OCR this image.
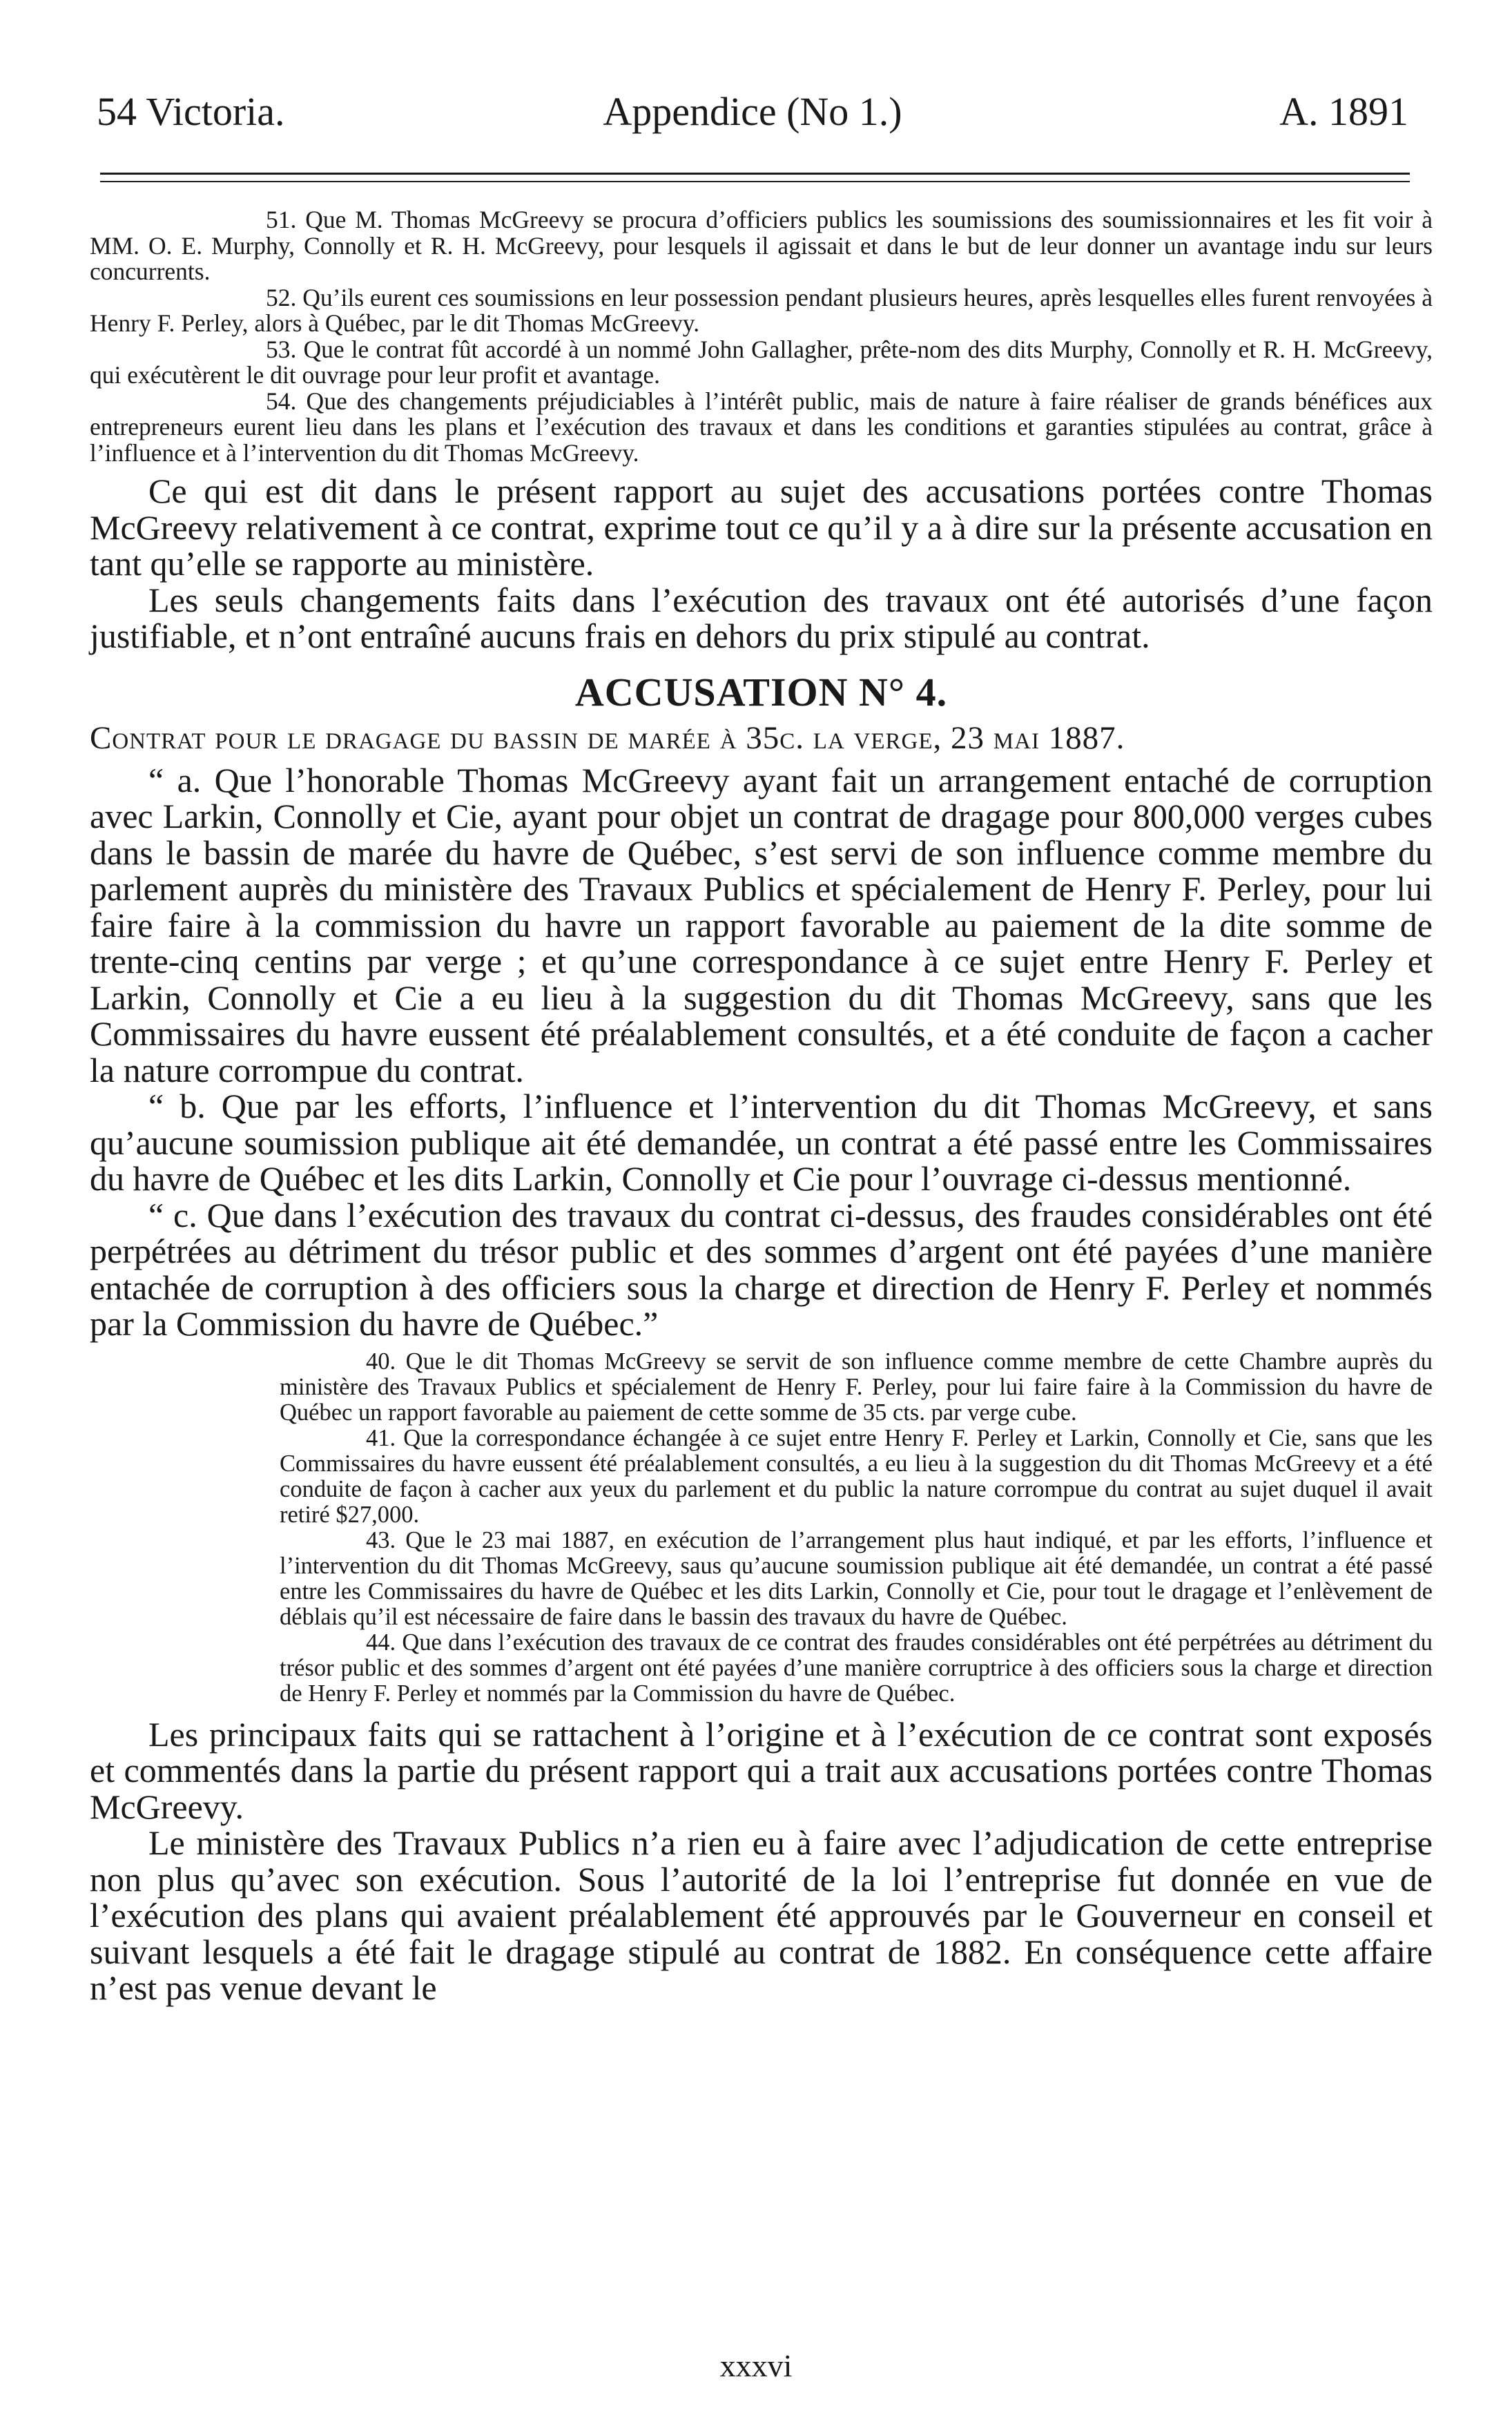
54 Victoria.	Appendice (No 1.)	A. 1891

51. Que M. Thomas McGreevy se procura d’officiers publics les soumissions des soumissionnaires et les fit voir à MM. O. E. Murphy, Connolly et R. H. McGreevy, pour lesquels il agissait et dans le but de leur donner un avantage indu sur leurs concurrents.

52. Qu’ils eurent ces soumissions en leur possession pendant plusieurs heures, après lesquelles elles furent renvoyées à Henry F. Perley, alors à Québec, par le dit Thomas McGreevy.

53. Que le contrat fût accordé à un nommé John Gallagher, prête-nom des dits Murphy, Connolly et R. H. McGreevy, qui exécutèrent le dit ouvrage pour leur profit et avantage.

54. Que des changements préjudiciables à l’intérêt public, mais de nature à faire réaliser de grands bénéfices aux entrepreneurs eurent lieu dans les plans et l’exécution des travaux et dans les conditions et garanties stipulées au contrat, grâce à l’influence et à l’intervention du dit Thomas McGreevy.

Ce qui est dit dans le présent rapport au sujet des accusations portées contre Thomas McGreevy relativement à ce contrat, exprime tout ce qu’il y a à dire sur la présente accusation en tant qu’elle se rapporte au ministère.

Les seuls changements faits dans l’exécution des travaux ont été autorisés d’une façon justifiable, et n’ont entraîné aucuns frais en dehors du prix stipulé au contrat.

ACCUSATION N° 4.

Contrat pour le dragage du bassin de marée à 35c. la verge, 23 mai 1887.

“ a. Que l’honorable Thomas McGreevy ayant fait un arrangement entaché de corruption avec Larkin, Connolly et Cie, ayant pour objet un contrat de dragage pour 800,000 verges cubes dans le bassin de marée du havre de Québec, s’est servi de son influence comme membre du parlement auprès du ministère des Travaux Publics et spécialement de Henry F. Perley, pour lui faire faire à la commission du havre un rapport favorable au paiement de la dite somme de trente-cinq centins par verge ; et qu’une correspondance à ce sujet entre Henry F. Perley et Larkin, Connolly et Cie a eu lieu à la suggestion du dit Thomas McGreevy, sans que les Commissaires du havre eussent été préalablement consultés, et a été conduite de façon a cacher la nature corrompue du contrat.

“ b. Que par les efforts, l’influence et l’intervention du dit Thomas McGreevy, et sans qu’aucune soumission publique ait été demandée, un contrat a été passé entre les Commissaires du havre de Québec et les dits Larkin, Connolly et Cie pour l’ouvrage ci-dessus mentionné.

“ c. Que dans l’exécution des travaux du contrat ci-dessus, des fraudes considérables ont été perpétrées au détriment du trésor public et des sommes d’argent ont été payées d’une manière entachée de corruption à des officiers sous la charge et direction de Henry F. Perley et nommés par la Commission du havre de Québec.”

40. Que le dit Thomas McGreevy se servit de son influence comme membre de cette Chambre auprès du ministère des Travaux Publics et spécialement de Henry F. Perley, pour lui faire faire à la Commission du havre de Québec un rapport favorable au paiement de cette somme de 35 cts. par verge cube.

41. Que la correspondance échangée à ce sujet entre Henry F. Perley et Larkin, Connolly et Cie, sans que les Commissaires du havre eussent été préalablement consultés, a eu lieu à la suggestion du dit Thomas McGreevy et a été conduite de façon à cacher aux yeux du parlement et du public la nature corrompue du contrat au sujet duquel il avait retiré $27,000.

43. Que le 23 mai 1887, en exécution de l’arrangement plus haut indiqué, et par les efforts, l’influence et l’intervention du dit Thomas McGreevy, saus qu’aucune soumission publique ait été demandée, un contrat a été passé entre les Commissaires du havre de Québec et les dits Larkin, Connolly et Cie, pour tout le dragage et l’enlèvement de déblais qu’il est nécessaire de faire dans le bassin des travaux du havre de Québec.

44. Que dans l’exécution des travaux de ce contrat des fraudes considérables ont été perpétrées au détriment du trésor public et des sommes d’argent ont été payées d’une manière corruptrice à des officiers sous la charge et direction de Henry F. Perley et nommés par la Commission du havre de Québec.

Les principaux faits qui se rattachent à l’origine et à l’exécution de ce contrat sont exposés et commentés dans la partie du présent rapport qui a trait aux accusations portées contre Thomas McGreevy.

Le ministère des Travaux Publics n’a rien eu à faire avec l’adjudication de cette entreprise non plus qu’avec son exécution. Sous l’autorité de la loi l’entreprise fut donnée en vue de l’exécution des plans qui avaient préalablement été approuvés par le Gouverneur en conseil et suivant lesquels a été fait le dragage stipulé au contrat de 1882. En conséquence cette affaire n’est pas venue devant le

xxxvi
